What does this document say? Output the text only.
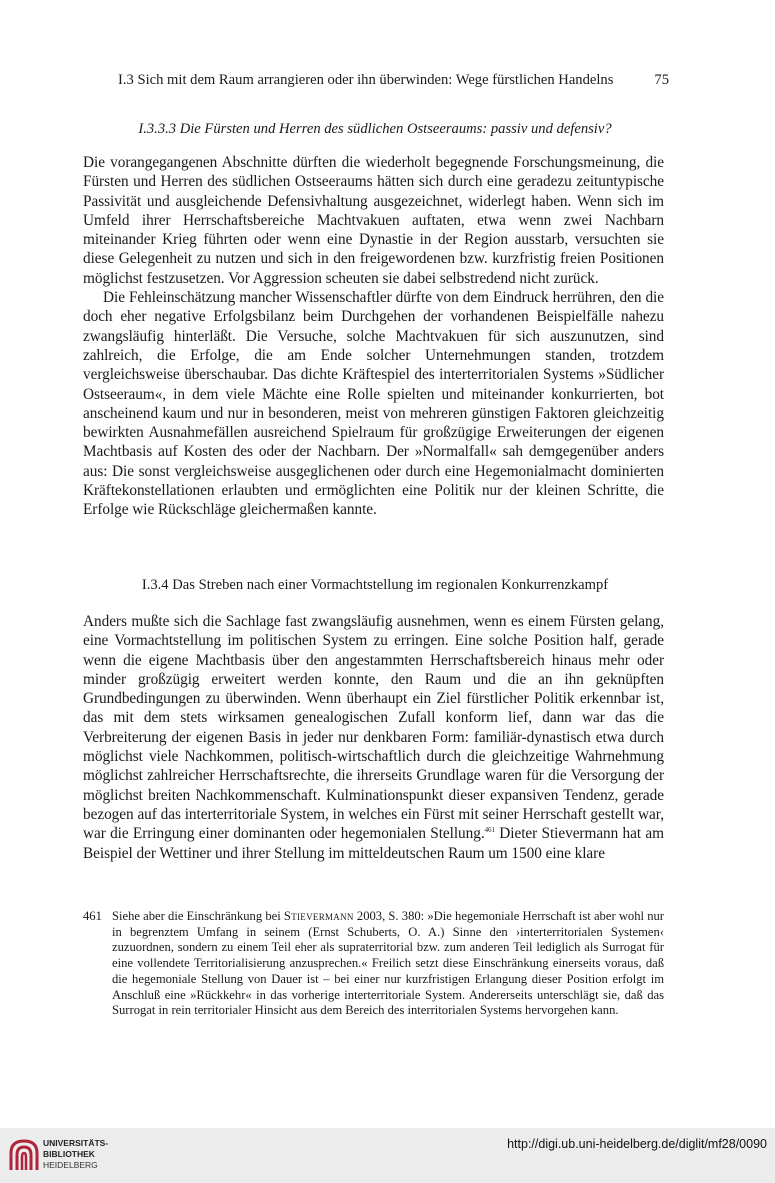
I.3 Sich mit dem Raum arrangieren oder ihn überwinden: Wege fürstlichen Handelns	75
I.3.3.3 Die Fürsten und Herren des südlichen Ostseeraums: passiv und defensiv?

Die vorangegangenen Abschnitte dürften die wiederholt begegnende Forschungsmeinung, die Fürsten und Herren des südlichen Ostseeraums hätten sich durch eine geradezu zeituntypische Passivität und ausgleichende Defensivhaltung ausgezeichnet, widerlegt haben. Wenn sich im Umfeld ihrer Herrschaftsbereiche Machtvakuen auftaten, etwa wenn zwei Nachbarn miteinander Krieg führten oder wenn eine Dynastie in der Region ausstarb, versuchten sie diese Gelegenheit zu nutzen und sich in den freigewordenen bzw. kurzfristig freien Positionen möglichst festzusetzen. Vor Aggression scheuten sie dabei selbstredend nicht zurück.

Die Fehleinschätzung mancher Wissenschaftler dürfte von dem Eindruck herrühren, den die doch eher negative Erfolgsbilanz beim Durchgehen der vorhandenen Beispielfälle nahezu zwangsläufig hinterläßt. Die Versuche, solche Machtvakuen für sich auszunutzen, sind zahlreich, die Erfolge, die am Ende solcher Unternehmungen standen, trotzdem vergleichsweise überschaubar. Das dichte Kräftespiel des interterritorialen Systems »Südlicher Ostseeraum«, in dem viele Mächte eine Rolle spielten und miteinander konkurrierten, bot anscheinend kaum und nur in besonderen, meist von mehreren günstigen Faktoren gleichzeitig bewirkten Ausnahmefällen ausreichend Spielraum für großzügige Erweiterungen der eigenen Machtbasis auf Kosten des oder der Nachbarn. Der »Normalfall« sah demgegenüber anders aus: Die sonst vergleichsweise ausgeglichenen oder durch eine Hegemonialmacht dominierten Kräftekonstellationen erlaubten und ermöglichten eine Politik nur der kleinen Schritte, die Erfolge wie Rückschläge gleichermaßen kannte.

I.3.4 Das Streben nach einer Vormachtstellung im regionalen Konkurrenzkampf

Anders mußte sich die Sachlage fast zwangsläufig ausnehmen, wenn es einem Fürsten gelang, eine Vormachtstellung im politischen System zu erringen. Eine solche Position half, gerade wenn die eigene Machtbasis über den angestammten Herrschaftsbereich hinaus mehr oder minder großzügig erweitert werden konnte, den Raum und die an ihn geknüpften Grundbedingungen zu überwinden. Wenn überhaupt ein Ziel fürstlicher Politik erkennbar ist, das mit dem stets wirksamen genealogischen Zufall konform lief, dann war das die Verbreiterung der eigenen Basis in jeder nur denkbaren Form: familiär-dynastisch etwa durch möglichst viele Nachkommen, politisch-wirtschaftlich durch die gleichzeitige Wahrnehmung möglichst zahlreicher Herrschaftsrechte, die ihrerseits Grundlage waren für die Versorgung der möglichst breiten Nachkommenschaft. Kulminationspunkt dieser expansiven Tendenz, gerade bezogen auf das interterritoriale System, in welches ein Fürst mit seiner Herrschaft gestellt war, war die Erringung einer dominanten oder hegemonialen Stellung.$^{461}$ Dieter Stievermann hat am Beispiel der Wettiner und ihrer Stellung im mitteldeutschen Raum um 1500 eine klare

461 Siehe aber die Einschränkung bei Stievermann 2003, S. 380: »Die hegemoniale Herrschaft ist aber wohl nur in begrenztem Umfang in seinem (Ernst Schuberts, O. A.) Sinne den ›interterritorialen Systemen‹ zuzuordnen, sondern zu einem Teil eher als supraterritorial bzw. zum anderen Teil lediglich als Surrogat für eine vollendete Territorialisierung anzusprechen.« Freilich setzt diese Einschränkung einerseits voraus, daß die hegemoniale Stellung von Dauer ist – bei einer nur kurzfristigen Erlangung dieser Position erfolgt im Anschluß eine »Rückkehr« in das vorherige interterritoriale System. Andererseits unterschlägt sie, daß das Surrogat in rein territorialer Hinsicht aus dem Bereich des interritorialen Systems hervorgehen kann.

UNIVERSITÄTS-
BIBLIOTHEK
HEIDELBERG
http://digi.ub.uni-heidelberg.de/diglit/mf28/0090
